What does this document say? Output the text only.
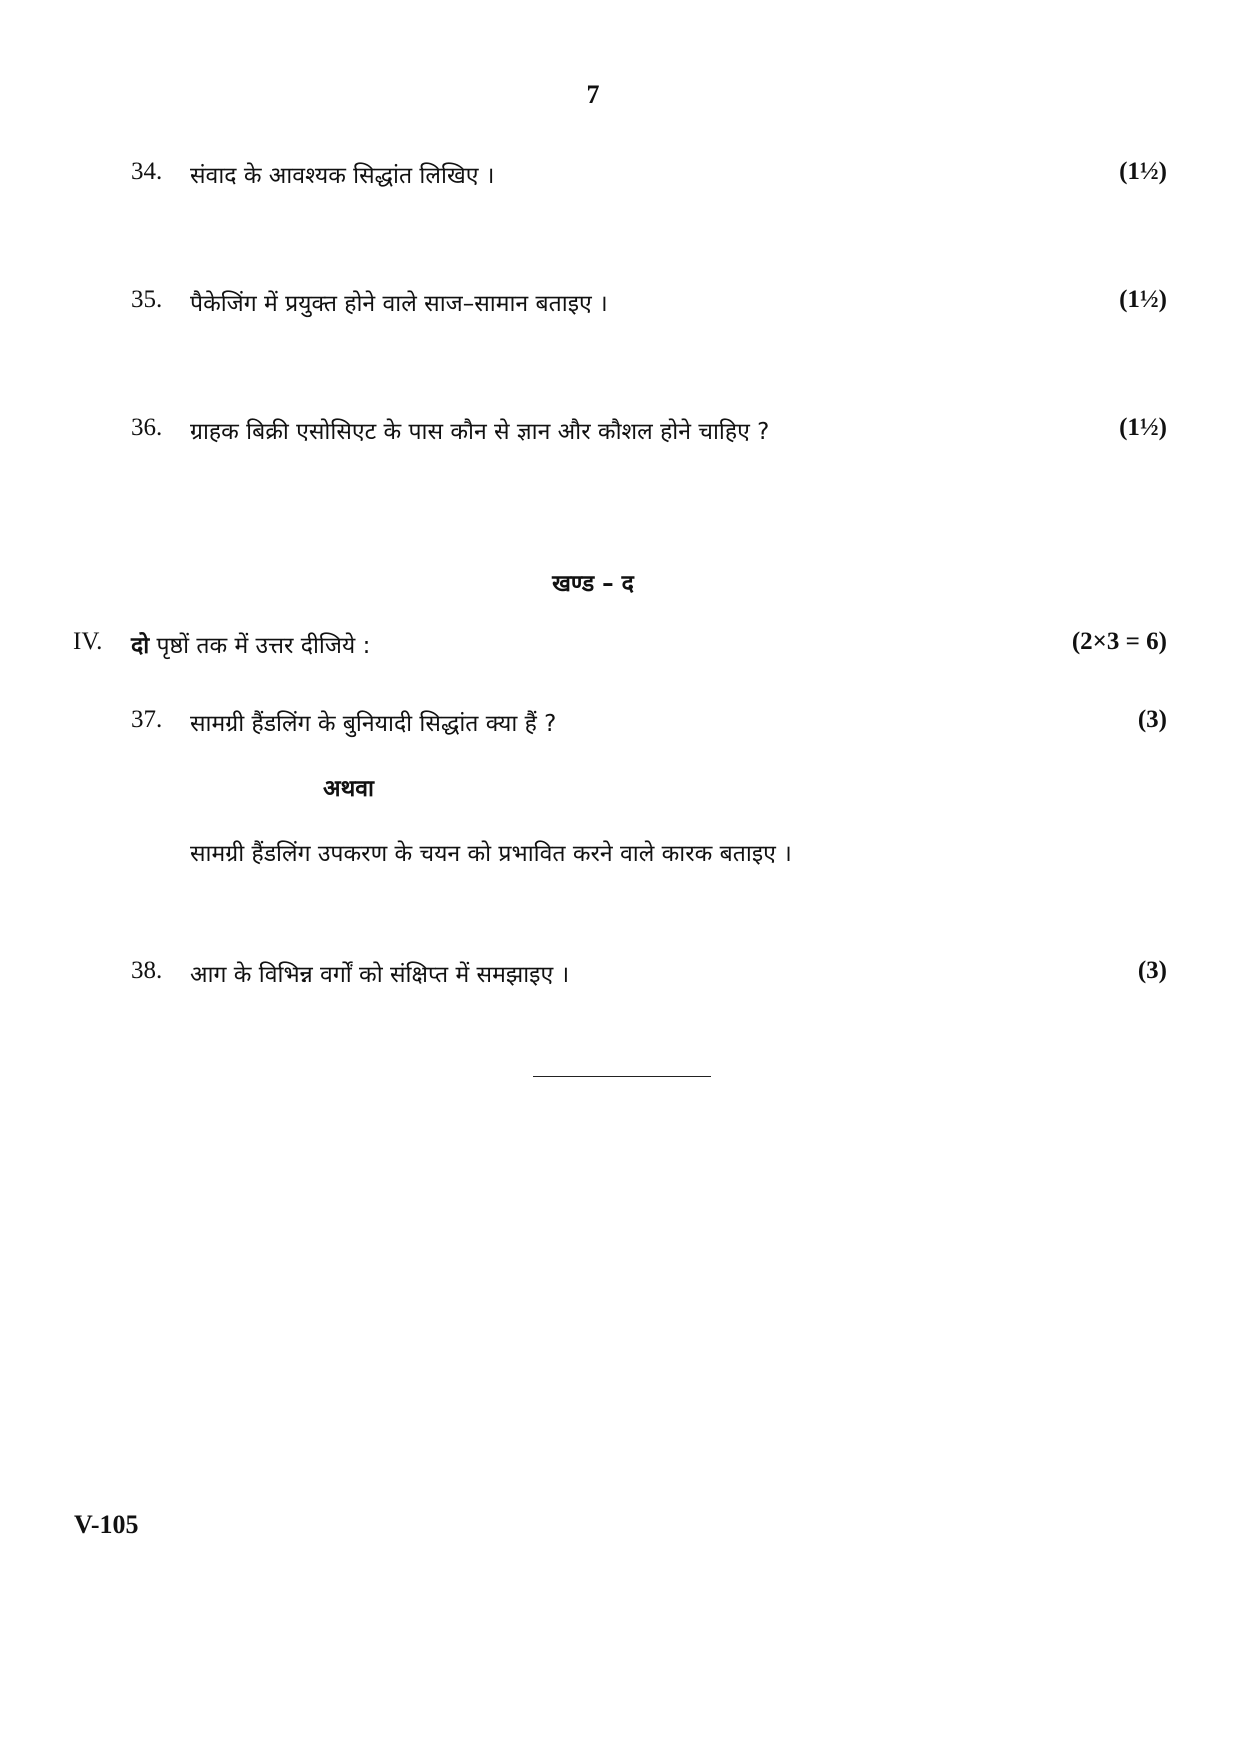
7
34. संवाद के आवश्यक सिद्धांत लिखिए ।	(1½)
35. पैकेजिंग में प्रयुक्त होने वाले साज–सामान बताइए ।	(1½)
36. ग्राहक बिक्री एसोसिएट के पास कौन से ज्ञान और कौशल होने चाहिए ?	(1½)
खण्ड – द
IV. दो पृष्ठों तक में उत्तर दीजिये :	(2×3 = 6)
37. सामग्री हैंडलिंग के बुनियादी सिद्धांत क्या हैं ?	(3)
अथवा
सामग्री हैंडलिंग उपकरण के चयन को प्रभावित करने वाले कारक बताइए ।
38. आग के विभिन्न वर्गों को संक्षिप्त में समझाइए ।	(3)
V-105
